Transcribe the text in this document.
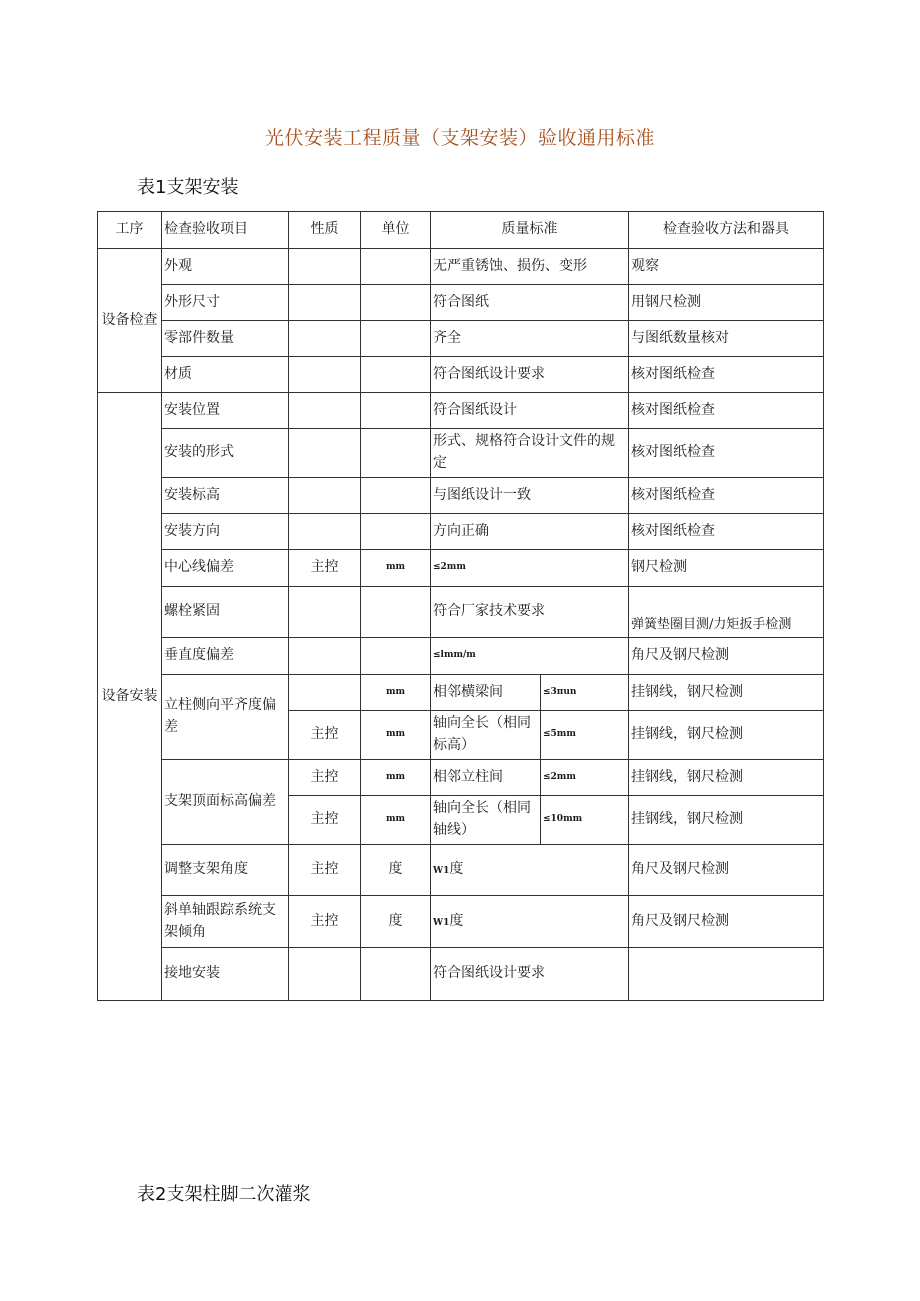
光伏安装工程质量（支架安装）验收通用标准
表1支架安装
工序	检查验收项目	性质	单位	质量标准		检查验收方法和器具
设备检查	外观			无严重锈蚀、损伤、变形		观察
	外形尺寸			符合图纸		用钢尺检测
	零部件数量			齐全		与图纸数量核对
	材质			符合图纸设计要求		核对图纸检查
设备安装	安装位置			符合图纸设计		核对图纸检查
	安装的形式			形式、规格符合设计文件的规定		核对图纸检查
	安装标高			与图纸设计一致		核对图纸检查
	安装方向			方向正确		核对图纸检查
	中心线偏差	主控	mm	≤2mm		钢尺检测
	螺栓紧固			符合厂家技术要求		弹簧垫圈目测/力矩扳手检测
	垂直度偏差			≤lmm/m		角尺及钢尺检测
	立柱侧向平齐度偏差		mm	相邻横梁间	≤3πun	挂钢线，钢尺检测
		主控	mm	轴向全长（相同标高）	≤5mm	挂钢线，钢尺检测
	支架顶面标高偏差	主控	mm	相邻立柱间	≤2mm	挂钢线，钢尺检测
		主控	mm	轴向全长（相同轴线）	≤10mm	挂钢线，钢尺检测
	调整支架角度	主控	度	W1度		角尺及钢尺检测
	斜单轴跟踪系统支架倾角	主控	度	W1度		角尺及钢尺检测
	接地安装			符合图纸设计要求		
表2支架柱脚二次灌浆
